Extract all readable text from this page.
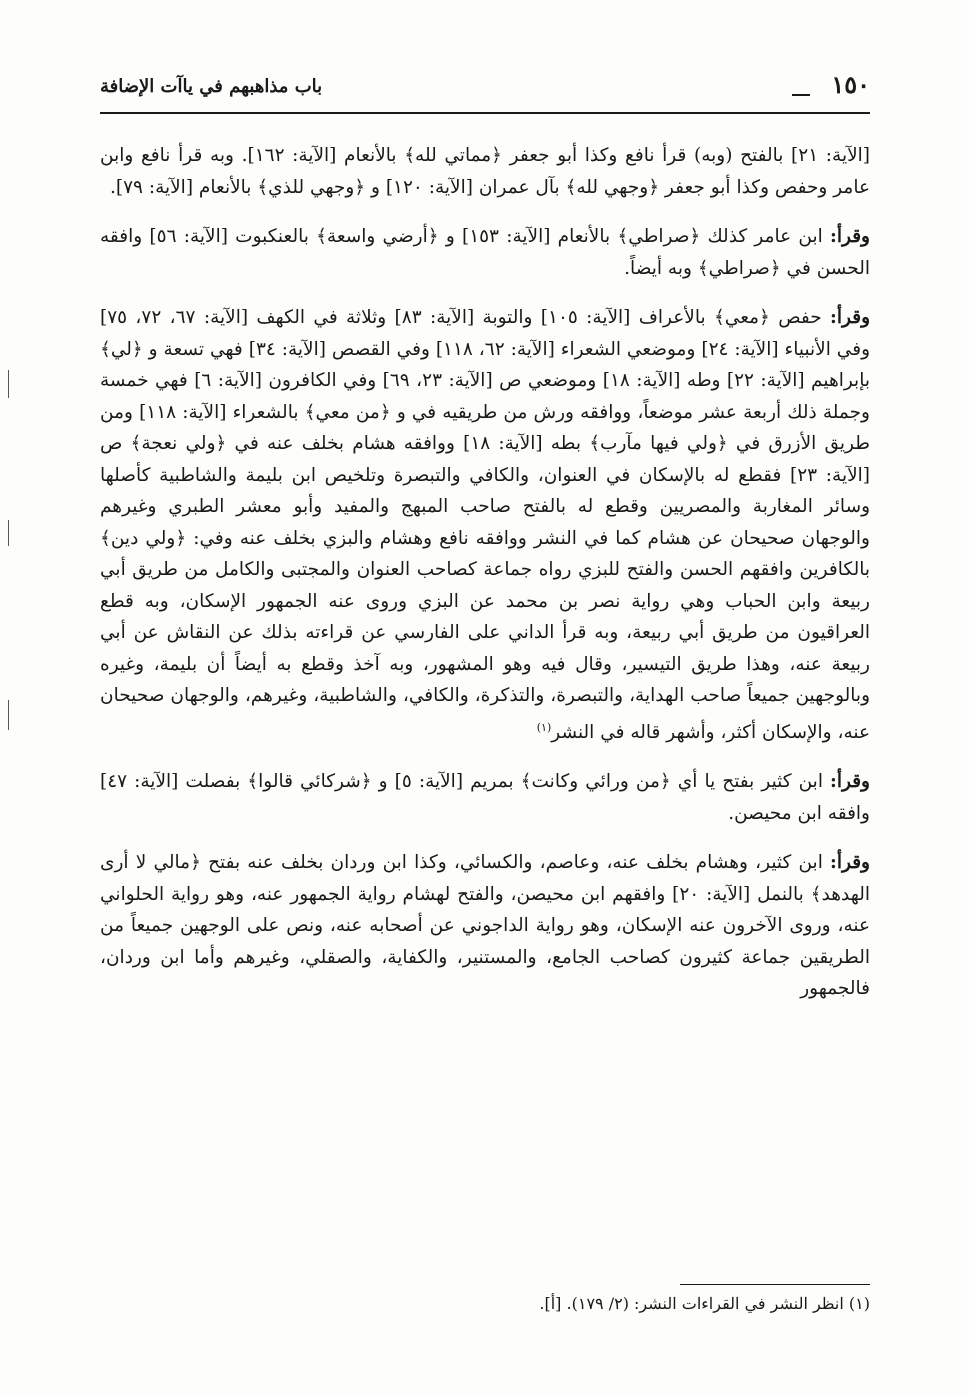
١٥٠
باب مذاهبهم في ياآت الإضافة

[الآية: ٢١] بالفتح (وبه) قرأ نافع وكذا أبو جعفر ﴿مماتي لله﴾ بالأنعام [الآية: ١٦٢]. وبه قرأ نافع وابن عامر وحفص وكذا أبو جعفر ﴿وجهي لله﴾ بآل عمران [الآية: ١٢٠] و ﴿وجهي للذي﴾ بالأنعام [الآية: ٧٩].

وقرأ: ابن عامر كذلك ﴿صراطي﴾ بالأنعام [الآية: ١٥٣] و ﴿أرضي واسعة﴾ بالعنكبوت [الآية: ٥٦] وافقه الحسن في ﴿صراطي﴾ وبه أيضاً.

وقرأ: حفص ﴿معي﴾ بالأعراف [الآية: ١٠٥] والتوبة [الآية: ٨٣] وثلاثة في الكهف [الآية: ٦٧، ٧٢، ٧٥] وفي الأنبياء [الآية: ٢٤] وموضعي الشعراء [الآية: ٦٢، ١١٨] وفي القصص [الآية: ٣٤] فهي تسعة و ﴿لي﴾ بإبراهيم [الآية: ٢٢] وطه [الآية: ١٨] وموضعي ص [الآية: ٢٣، ٦٩] وفي الكافرون [الآية: ٦] فهي خمسة وجملة ذلك أربعة عشر موضعاً، ووافقه ورش من طريقيه في و ﴿من معي﴾ بالشعراء [الآية: ١١٨] ومن طريق الأزرق في ﴿ولي فيها مآرب﴾ بطه [الآية: ١٨] ووافقه هشام بخلف عنه في ﴿ولي نعجة﴾ ص [الآية: ٢٣] فقطع له بالإسكان في العنوان، والكافي والتبصرة وتلخيص ابن بليمة والشاطبية كأصلها وسائر المغاربة والمصريين وقطع له بالفتح صاحب المبهج والمفيد وأبو معشر الطبري وغيرهم والوجهان صحيحان عن هشام كما في النشر ووافقه نافع وهشام والبزي بخلف عنه وفي: ﴿ولي دين﴾ بالكافرين وافقهم الحسن والفتح للبزي رواه جماعة كصاحب العنوان والمجتبى والكامل من طريق أبي ربيعة وابن الحباب وهي رواية نصر بن محمد عن البزي وروى عنه الجمهور الإسكان، وبه قطع العراقيون من طريق أبي ربيعة، وبه قرأ الداني على الفارسي عن قراءته بذلك عن النقاش عن أبي ربيعة عنه، وهذا طريق التيسير، وقال فيه وهو المشهور، وبه آخذ وقطع به أيضاً أن بليمة، وغيره وبالوجهين جميعاً صاحب الهداية، والتبصرة، والتذكرة، والكافي، والشاطبية، وغيرهم، والوجهان صحيحان عنه، والإسكان أكثر، وأشهر قاله في النشر$^{(١)}$

وقرأ: ابن كثير بفتح يا أي ﴿من ورائي وكانت﴾ بمريم [الآية: ٥] و ﴿شركائي قالوا﴾ بفصلت [الآية: ٤٧] وافقه ابن محيصن.

وقرأ: ابن كثير، وهشام بخلف عنه، وعاصم، والكسائي، وكذا ابن وردان بخلف عنه بفتح ﴿مالي لا أرى الهدهد﴾ بالنمل [الآية: ٢٠] وافقهم ابن محيصن، والفتح لهشام رواية الجمهور عنه، وهو رواية الحلواني عنه، وروى الآخرون عنه الإسكان، وهو رواية الداجوني عن أصحابه عنه، ونص على الوجهين جميعاً من الطريقين جماعة كثيرون كصاحب الجامع، والمستنير، والكفاية، والصقلي، وغيرهم وأما ابن وردان، فالجمهور

(١) انظر النشر في القراءات النشر: (٢/ ١٧٩). [أ].
